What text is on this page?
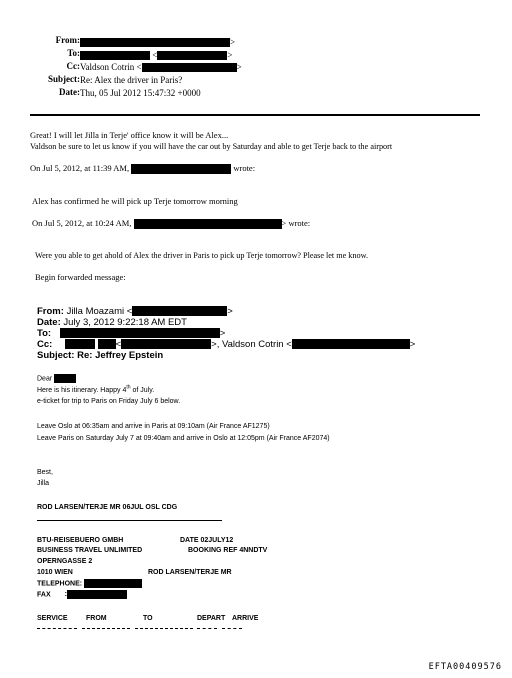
From:	>
To:	<	>
Cc: Valdson Cotrin <	>
Subject: Re: Alex the driver in Paris?
Date: Thu, 05 Jul 2012 15:47:32 +0000
Great! I will let Jilla in Terje' office know it will be Alex...
Valdson be sure to let us know if you will have the car out by Saturday and able to get Terje back to the airport
On Jul 5, 2012, at 11:39 AM,	wrote:
Alex has confirmed he will pick up Terje tomorrow morning
On Jul 5, 2012, at 10:24 AM,	> wrote:
Were you able to get ahold of Alex the driver in Paris to pick up Terje tomorrow? Please let me know.
Begin forwarded message:
From: Jilla Moazami <	>
Date: July 3, 2012 9:22:18 AM EDT
To:	>
Cc:	<	>, Valdson Cotrin <	>
Subject: Re: Jeffrey Epstein
Dear
Here is his itinerary. Happy 4th of July.
e-ticket for trip to Paris on Friday July 6 below.
Leave Oslo at 06:35am and arrive in Paris at 09:10am (Air France AF1275)
Leave Paris on Saturday July 7 at 09:40am and arrive in Oslo at 12:05pm (Air France AF2074)
Best,
Jilla
ROD LARSEN/TERJE MR 06JUL OSL CDG
BTU-REISEBUERO GMBH	DATE 02JULY12
BUSINESS TRAVEL UNLIMITED	BOOKING REF 4NNDTV
OPERNGASSE 2
1010 WIEN	ROD LARSEN/TERJE MR
TELEPHONE:
FAX :
SERVICE	FROM	TO	DEPART ARRIVE
EFTA00409576
